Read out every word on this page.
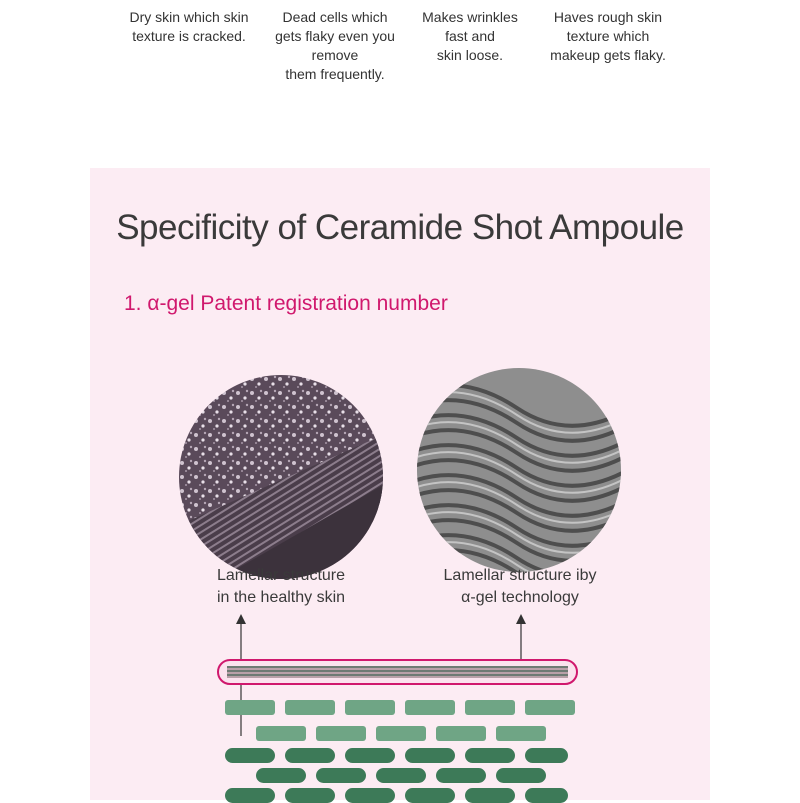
Dry skin which skin
texture is cracked.
Dead cells which
gets flaky even you
remove
them frequently.
Makes wrinkles
fast and
skin loose.
Haves rough skin
texture which
makeup gets flaky.
Specificity of Ceramide Shot Ampoule
1. α-gel Patent registration number
Lamellar structure
in the healthy skin
Lamellar structure iby
α-gel technology
